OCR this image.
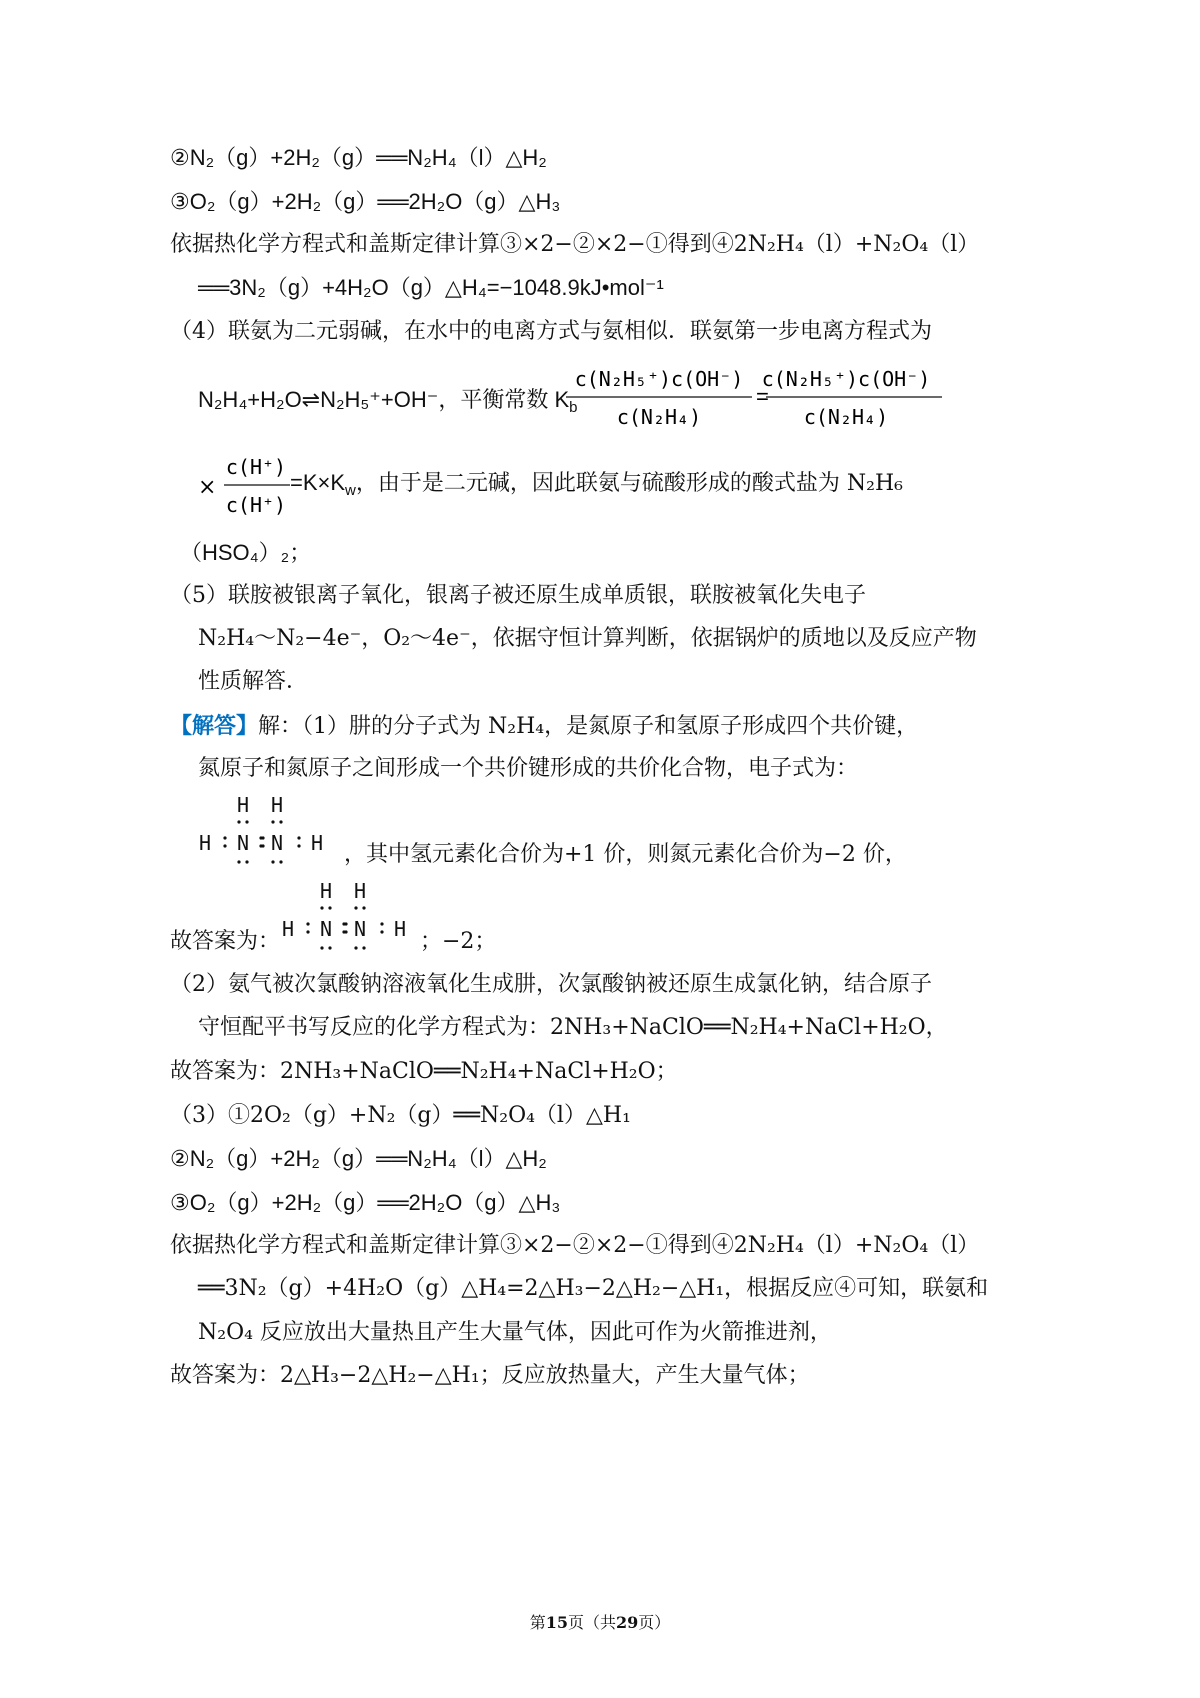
②N₂（g）+2H₂（g）══N₂H₄（l）△H₂
③O₂（g）+2H₂（g）══2H₂O（g）△H₃
依据热化学方程式和盖斯定律计算③×2−②×2−①得到④2N₂H₄（l）+N₂O₄（l）
══3N₂（g）+4H₂O（g）△H₄=−1048.9kJ•mol⁻¹
（4）联氨为二元弱碱，在水中的电离方式与氨相似．联氨第一步电离方程式为
N₂H₄+H₂O⇌N₂H₅⁺+OH⁻，平衡常数 $K_b$
c(N₂H₅⁺)c(OH⁻)
c(N₂H₄)
=
c(N₂H₅⁺)c(OH⁻)
c(N₂H₄)
×
c(H⁺)
c(H⁺)
$=K\times K_w$，由于是二元碱，因此联氨与硫酸形成的酸式盐为 N₂H₆
（HSO₄）₂；
（5）联胺被银离子氧化，银离子被还原生成单质银，联胺被氧化失电子
N₂H₄～N₂−4e⁻，O₂～4e⁻，依据守恒计算判断，依据锅炉的质地以及反应产物
性质解答．
【解答】解：（1）肼的分子式为 N₂H₄，是氮原子和氢原子形成四个共价键，
氮原子和氮原子之间形成一个共价键形成的共价化合物，电子式为：
H H
H N N H ，其中氢元素化合价为+1 价，则氮元素化合价为−2 价，
故答案为：
H H
H N N H ；−2；
（2）氨气被次氯酸钠溶液氧化生成肼，次氯酸钠被还原生成氯化钠，结合原子
守恒配平书写反应的化学方程式为：2NH₃+NaClO══N₂H₄+NaCl+H₂O，
故答案为：2NH₃+NaClO══N₂H₄+NaCl+H₂O；
（3）①2O₂（g）+N₂（g）══N₂O₄（l）△H₁
②N₂（g）+2H₂（g）══N₂H₄（l）△H₂
③O₂（g）+2H₂（g）══2H₂O（g）△H₃
依据热化学方程式和盖斯定律计算③×2−②×2−①得到④2N₂H₄（l）+N₂O₄（l）
══3N₂（g）+4H₂O（g）△H₄=2△H₃−2△H₂−△H₁，根据反应④可知，联氨和
N₂O₄ 反应放出大量热且产生大量气体，因此可作为火箭推进剂，
故答案为：2△H₃−2△H₂−△H₁；反应放热量大，产生大量气体；
第15页（共29页）
